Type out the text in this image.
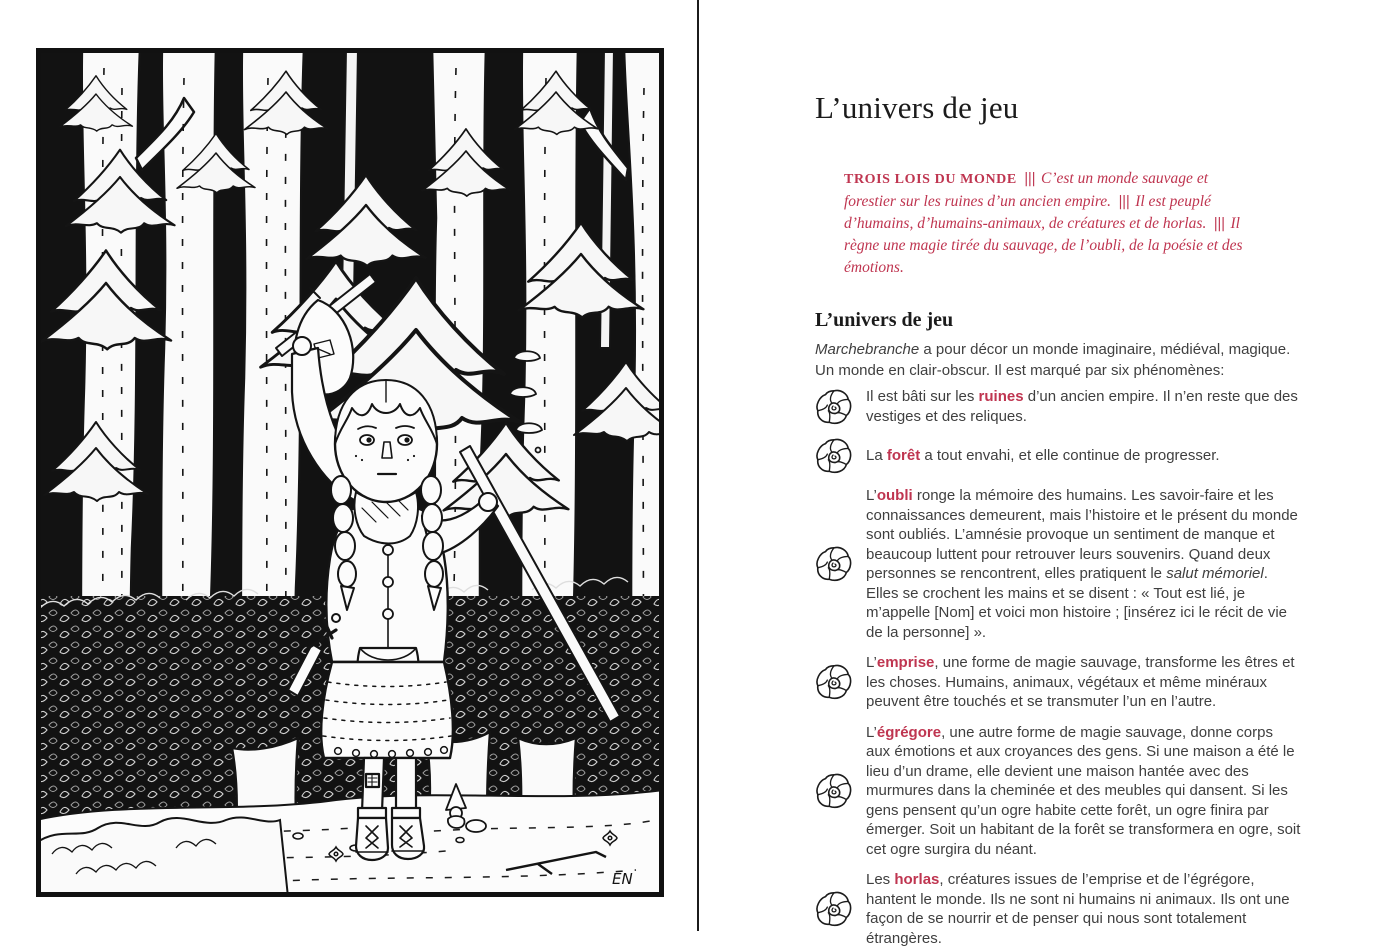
EN
L’univers de jeu

TROIS LOIS DU MONDE ||| C’est un monde sauvage et forestier sur les ruines d’un ancien empire. ||| Il est peuplé d’humains, d’humains-animaux, de créatures et de horlas. ||| Il règne une magie tirée du sauvage, de l’oubli, de la poésie et des émotions.

L’univers de jeu

Marchebranche a pour décor un monde imaginaire, médiéval, magique. Un monde en clair-obscur. Il est marqué par six phénomènes:

Il est bâti sur les ruines d’un ancien empire. Il n’en reste que des vestiges et des reliques.

La forêt a tout envahi, et elle continue de progresser.

L’oubli ronge la mémoire des humains. Les savoir-faire et les connaissances demeurent, mais l’histoire et le présent du monde sont oubliés. L’amnésie provoque un sentiment de manque et beaucoup luttent pour retrouver leurs souvenirs. Quand deux personnes se rencontrent, elles pratiquent le salut mémoriel. Elles se crochent les mains et se disent : « Tout est lié, je m’appelle [Nom] et voici mon histoire ; [insérez ici le récit de vie de la personne] ».

L’emprise, une forme de magie sauvage, transforme les êtres et les choses. Humains, animaux, végétaux et même minéraux peuvent être touchés et se transmuter l’un en l’autre.

L’égrégore, une autre forme de magie sauvage, donne corps aux émotions et aux croyances des gens. Si une maison a été le lieu d’un drame, elle devient une maison hantée avec des murmures dans la cheminée et des meubles qui dansent. Si les gens pensent qu’un ogre habite cette forêt, un ogre finira par émerger. Soit un habitant de la forêt se transformera en ogre, soit cet ogre surgira du néant.

Les horlas, créatures issues de l’emprise et de l’égrégore, hantent le monde. Ils ne sont ni humains ni animaux. Ils ont une façon de se nourrir et de penser qui nous sont totalement étrangères.
